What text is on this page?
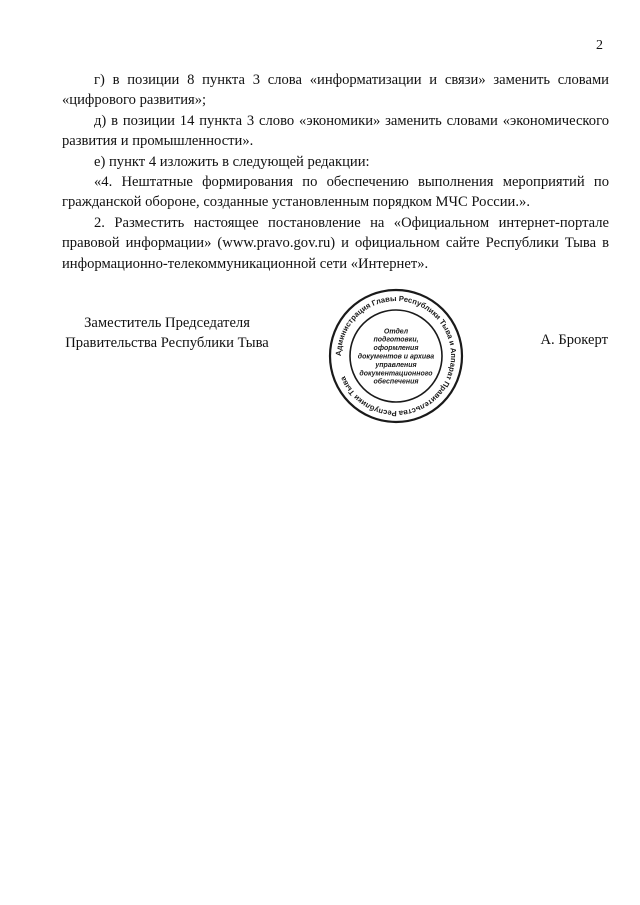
2

г) в позиции 8 пункта 3 слова «информатизации и связи» заменить словами «цифрового развития»;

д) в позиции 14 пункта 3 слово «экономики» заменить словами «экономического развития и промышленности».

е) пункт 4 изложить в следующей редакции:

«4. Нештатные формирования по обеспечению выполнения мероприятий по гражданской обороне, созданные установленным порядком МЧС России.».

2. Разместить настоящее постановление на «Официальном интернет-портале правовой информации» (www.pravo.gov.ru) и официальном сайте Республики Тыва в информационно-телекоммуникационной сети «Интернет».

Заместитель Председателя
Правительства Республики Тыва
Администрация Главы Республики Тыва и Аппарат Правительства Республики Тыва
Отдел
подготовки,
оформления
документов и архива
управления
документационного
обеспечения
А. Брокерт
